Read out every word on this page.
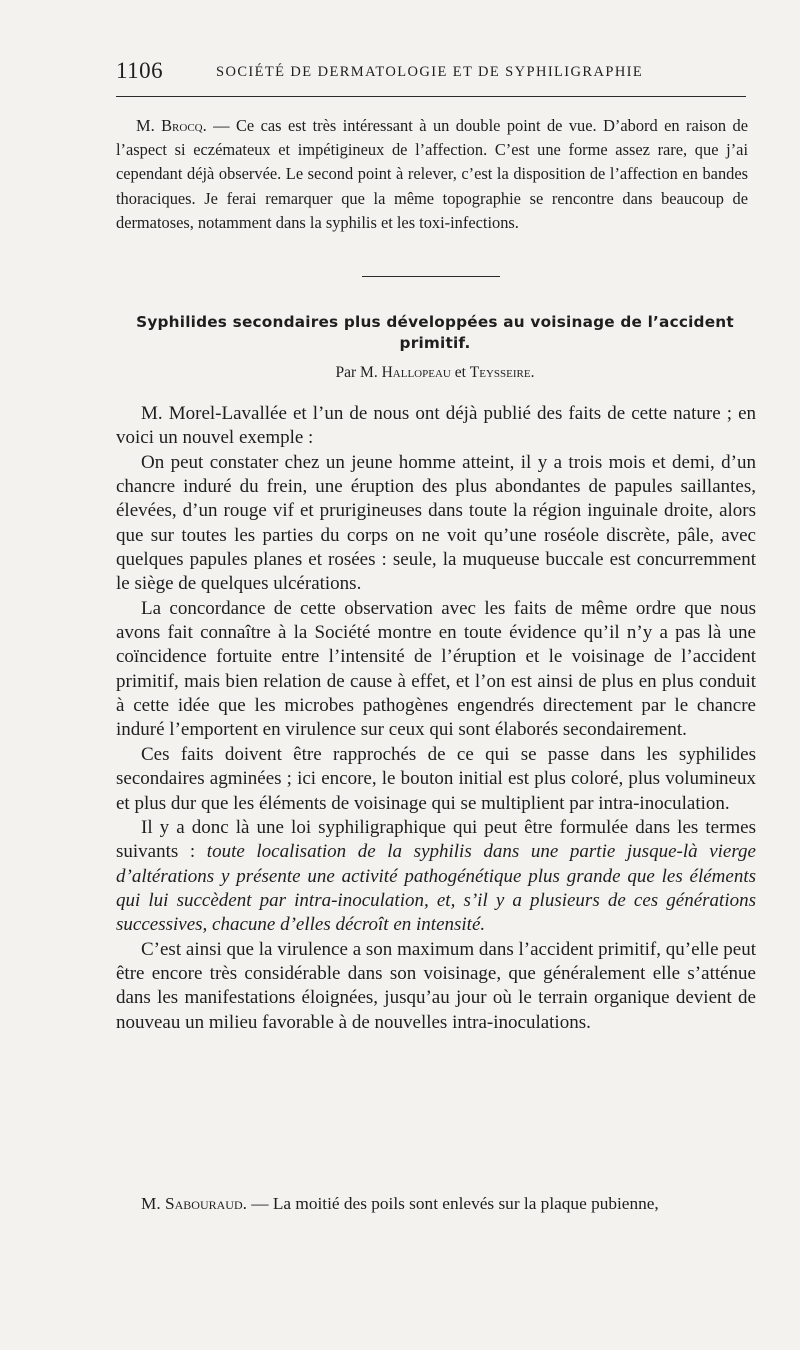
1106	SOCIÉTÉ DE DERMATOLOGIE ET DE SYPHILIGRAPHIE

M. Brocq. — Ce cas est très intéressant à un double point de vue. D’abord en raison de l’aspect si eczémateux et impétigineux de l’affection. C’est une forme assez rare, que j’ai cependant déjà observée. Le second point à relever, c’est la disposition de l’affection en bandes thoraciques. Je ferai remarquer que la même topographie se rencontre dans beaucoup de dermatoses, notamment dans la syphilis et les toxi-infections.

Syphilides secondaires plus développées au voisinage de l’accident primitif.

Par M. Hallopeau et Teysseire.

M. Morel-Lavallée et l’un de nous ont déjà publié des faits de cette nature ; en voici un nouvel exemple :

On peut constater chez un jeune homme atteint, il y a trois mois et demi, d’un chancre induré du frein, une éruption des plus abondantes de papules saillantes, élevées, d’un rouge vif et prurigineuses dans toute la région inguinale droite, alors que sur toutes les parties du corps on ne voit qu’une roséole discrète, pâle, avec quelques papules planes et rosées : seule, la muqueuse buccale est concurremment le siège de quelques ulcérations.

La concordance de cette observation avec les faits de même ordre que nous avons fait connaître à la Société montre en toute évidence qu’il n’y a pas là une coïncidence fortuite entre l’intensité de l’éruption et le voisinage de l’accident primitif, mais bien relation de cause à effet, et l’on est ainsi de plus en plus conduit à cette idée que les microbes pathogènes engendrés directement par le chancre induré l’emportent en virulence sur ceux qui sont élaborés secondairement.

Ces faits doivent être rapprochés de ce qui se passe dans les syphilides secondaires agminées ; ici encore, le bouton initial est plus coloré, plus volumineux et plus dur que les éléments de voisinage qui se multiplient par intra-inoculation.

Il y a donc là une loi syphiligraphique qui peut être formulée dans les termes suivants : toute localisation de la syphilis dans une partie jusque-là vierge d’altérations y présente une activité pathogénétique plus grande que les éléments qui lui succèdent par intra-inoculation, et, s’il y a plusieurs de ces générations successives, chacune d’elles décroît en intensité.

C’est ainsi que la virulence a son maximum dans l’accident primitif, qu’elle peut être encore très considérable dans son voisinage, que généralement elle s’atténue dans les manifestations éloignées, jusqu’au jour où le terrain organique devient de nouveau un milieu favorable à de nouvelles intra-inoculations.

M. Sabouraud. — La moitié des poils sont enlevés sur la plaque pubienne,
